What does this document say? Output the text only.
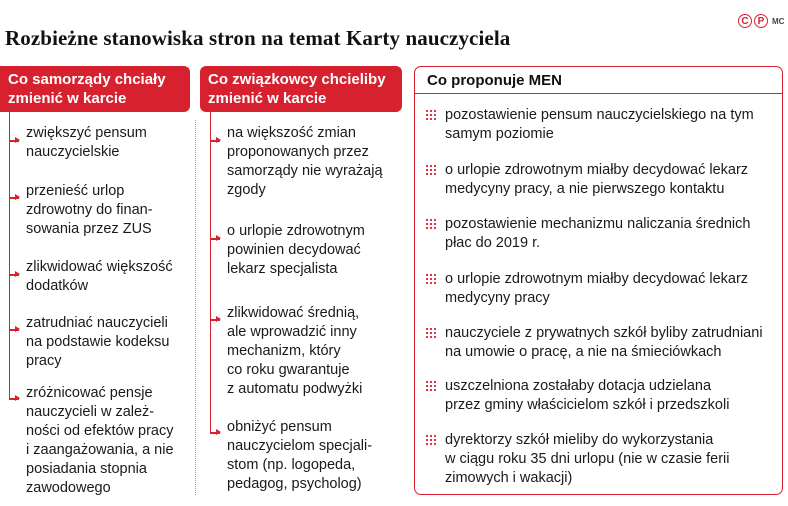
Rozbieżne stanowiska stron na temat Karty nauczyciela
C P MC
Co samorządy chciały
zmienić w karcie
zwiększyć pensum
nauczycielskie
przenieść urlop
zdrowotny do finan-
sowania przez ZUS
zlikwidować większość
dodatków
zatrudniać nauczycieli
na podstawie kodeksu
pracy
zróżnicować pensje
nauczycieli w zależ-
ności od efektów pracy
i zaangażowania, a nie
posiadania stopnia
zawodowego
Co związkowcy chcieliby
zmienić w karcie
na większość zmian
proponowanych przez
samorządy nie wyrażają
zgody
o urlopie zdrowotnym
powinien decydować
lekarz specjalista
zlikwidować średnią,
ale wprowadzić inny
mechanizm, który
co roku gwarantuje
z automatu podwyżki
obniżyć pensum
nauczycielom specjali-
stom (np. logopeda,
pedagog, psycholog)
Co proponuje MEN
pozostawienie pensum nauczycielskiego na tym
samym poziomie
o urlopie zdrowotnym miałby decydować lekarz
medycyny pracy, a nie pierwszego kontaktu
pozostawienie mechanizmu naliczania średnich
płac do 2019 r.
o urlopie zdrowotnym miałby decydować lekarz
medycyny pracy
nauczyciele z prywatnych szkół byliby zatrudniani
na umowie o pracę, a nie na śmieciówkach
uszczelniona zostałaby dotacja udzielana
przez gminy właścicielom szkół i przedszkoli
dyrektorzy szkół mieliby do wykorzystania
w ciągu roku 35 dni urlopu (nie w czasie ferii
zimowych i wakacji)
